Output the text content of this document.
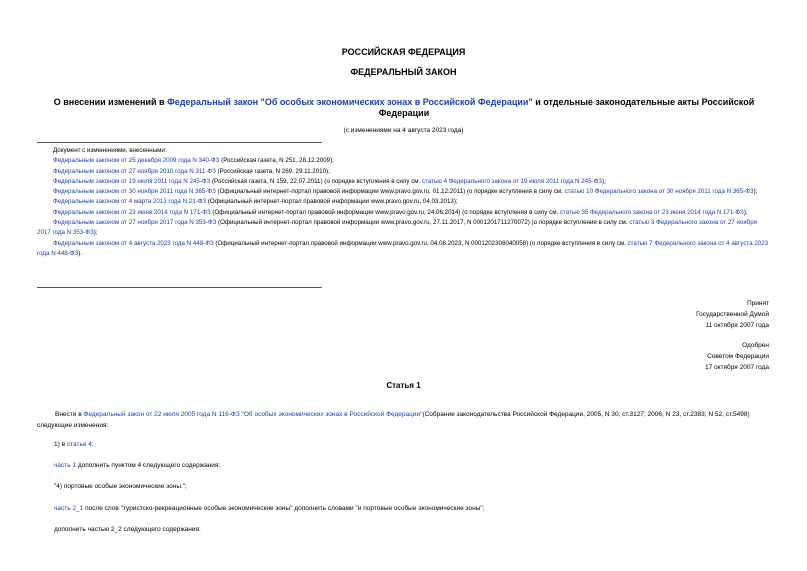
РОССИЙСКАЯ ФЕДЕРАЦИЯ
ФЕДЕРАЛЬНЫЙ ЗАКОН
О внесении изменений в Федеральный закон "Об особых экономических зонах в Российской Федерации" и отдельные законодательные акты Российской Федерации
(с изменениями на 4 августа 2023 года)
Документ с изменениями, внесенными:
Федеральным законом от 25 декабря 2009 года N 340-ФЗ (Российская газета, N 251, 28.12.2009);
Федеральным законом от 27 ноября 2010 года N 311-ФЗ (Российская газета, N 269, 29.11.2010);
Федеральным законом от 19 июля 2011 года N 245-ФЗ (Российская газета, N 159, 22.07.2011) (о порядке вступления в силу см. статью 4 Федерального закона от 19 июля 2011 года N 245-ФЗ);
Федеральным законом от 30 ноября 2011 года N 365-ФЗ (Официальный интернет-портал правовой информации www.pravo.gov.ru, 01.12.2011) (о порядке вступления в силу см. статью 10 Федерального закона от 30 ноября 2011 года N 365-ФЗ);
Федеральным законом от 4 марта 2013 года N 21-ФЗ (Официальный интернет-портал правовой информации www.pravo.gov.ru, 04.03.2013);
Федеральным законом от 23 июня 2014 года N 171-ФЗ (Официальный интернет-портал правовой информации www.pravo.gov.ru, 24.06.2014) (о порядке вступления в силу см. статью 35 Федерального закона от 23 июня 2014 года N 171-ФЗ);
Федеральным законом от 27 ноября 2017 года N 353-ФЗ (Официальный интернет-портал правовой информации www.pravo.gov.ru, 27.11.2017, N 0001201711270072) (о порядке вступления в силу см. статью 3 Федерального закона от 27 ноября 2017 года N 353-ФЗ);
Федеральным законом от 4 августа 2023 года N 448-ФЗ (Официальный интернет-портал правовой информации www.pravo.gov.ru, 04.08.2023, N 0001202308040058) (о порядке вступления в силу см. статью 7 Федерального закона от 4 августа 2023 года N 448-ФЗ).
Принят
Государственной Думой
11 октября 2007 года
Одобрен
Советом Федерации
17 октября 2007 года
Статья 1
Внести в Федеральный закон от 22 июля 2005 года N 116-ФЗ "Об особых экономических зонах в Российской Федерации"(Собрание законодательства Российской Федерации, 2005, N 30, ст.3127; 2006, N 23, ст.2383; N 52, ст.5498) следующие изменения:
1) в статье 4:
часть 1 дополнить пунктом 4 следующего содержания:
"4) портовые особые экономические зоны.";
часть 2_1 после слов "туристско-рекреационные особые экономические зоны" дополнить словами "и портовые особые экономические зоны";
дополнить частью 2_2 следующего содержания:
